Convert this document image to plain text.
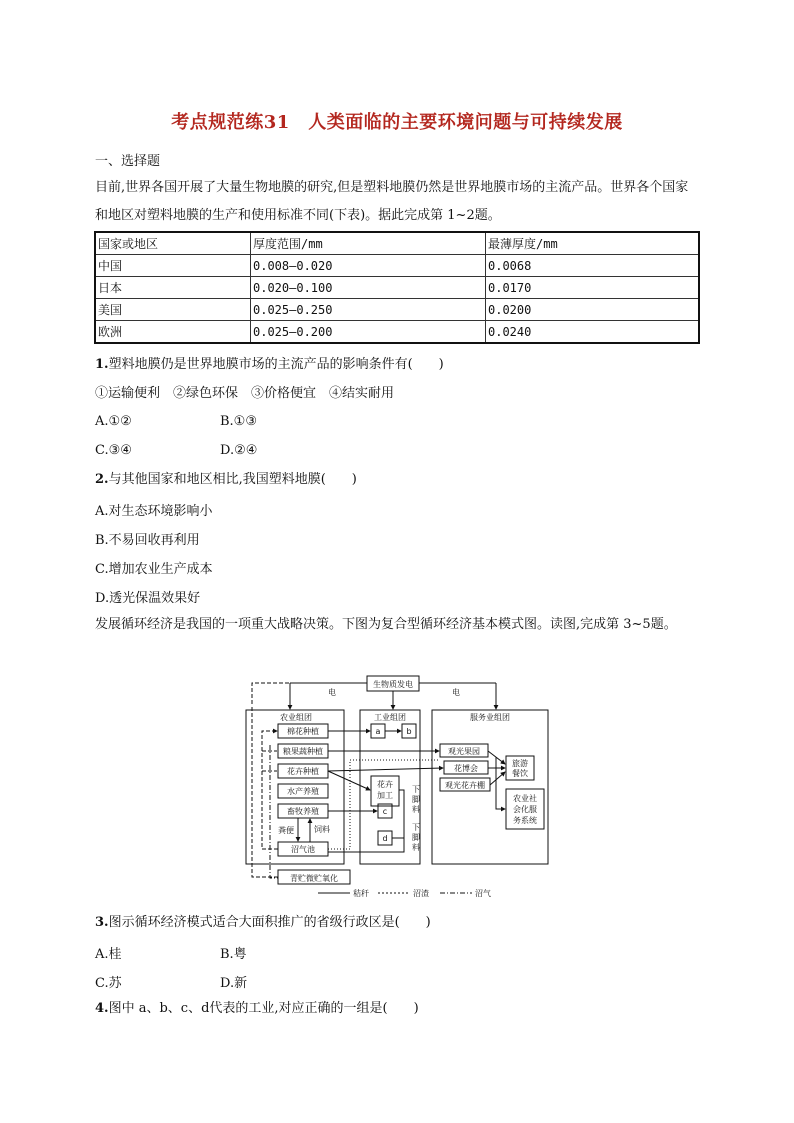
考点规范练31　人类面临的主要环境问题与可持续发展
一、选择题
目前,世界各国开展了大量生物地膜的研究,但是塑料地膜仍然是世界地膜市场的主流产品。世界各个国家和地区对塑料地膜的生产和使用标准不同(下表)。据此完成第 1~2题。
国家或地区	厚度范围/mm	最薄厚度/mm
中国	0.008—0.020	0.0068
日本	0.020—0.100	0.0170
美国	0.025—0.250	0.0200
欧洲	0.025—0.200	0.0240
1.塑料地膜仍是世界地膜市场的主流产品的影响条件有(　　)
①运输便利　②绿色环保　③价格便宜　④结实耐用
A.①②	B.①③
C.③④	D.②④
2.与其他国家和地区相比,我国塑料地膜(　　)
A.对生态环境影响小
B.不易回收再利用
C.增加农业生产成本
D.透光保温效果好
发展循环经济是我国的一项重大战略决策。下图为复合型循环经济基本模式图。读图,完成第 3~5题。
生物质发电
电	电
农业组团	工业组团	服务业组团
棉花种植
粮果蔬种植
花卉种植
水产养殖
畜牧养殖
沼气池
粪便	饲料
青贮微贮氧化
a	b
c
d
花卉
加工
下
脚
料
下
脚
料
观光果园
花博会
观光花卉棚
旅游
餐饮
农业社
会化服
务系统
秸秆	沼渣	沼气
3.图示循环经济模式适合大面积推广的省级行政区是(　　)
A.桂	B.粤
C.苏	D.新
4.图中 a、b、c、d代表的工业,对应正确的一组是(　　)
